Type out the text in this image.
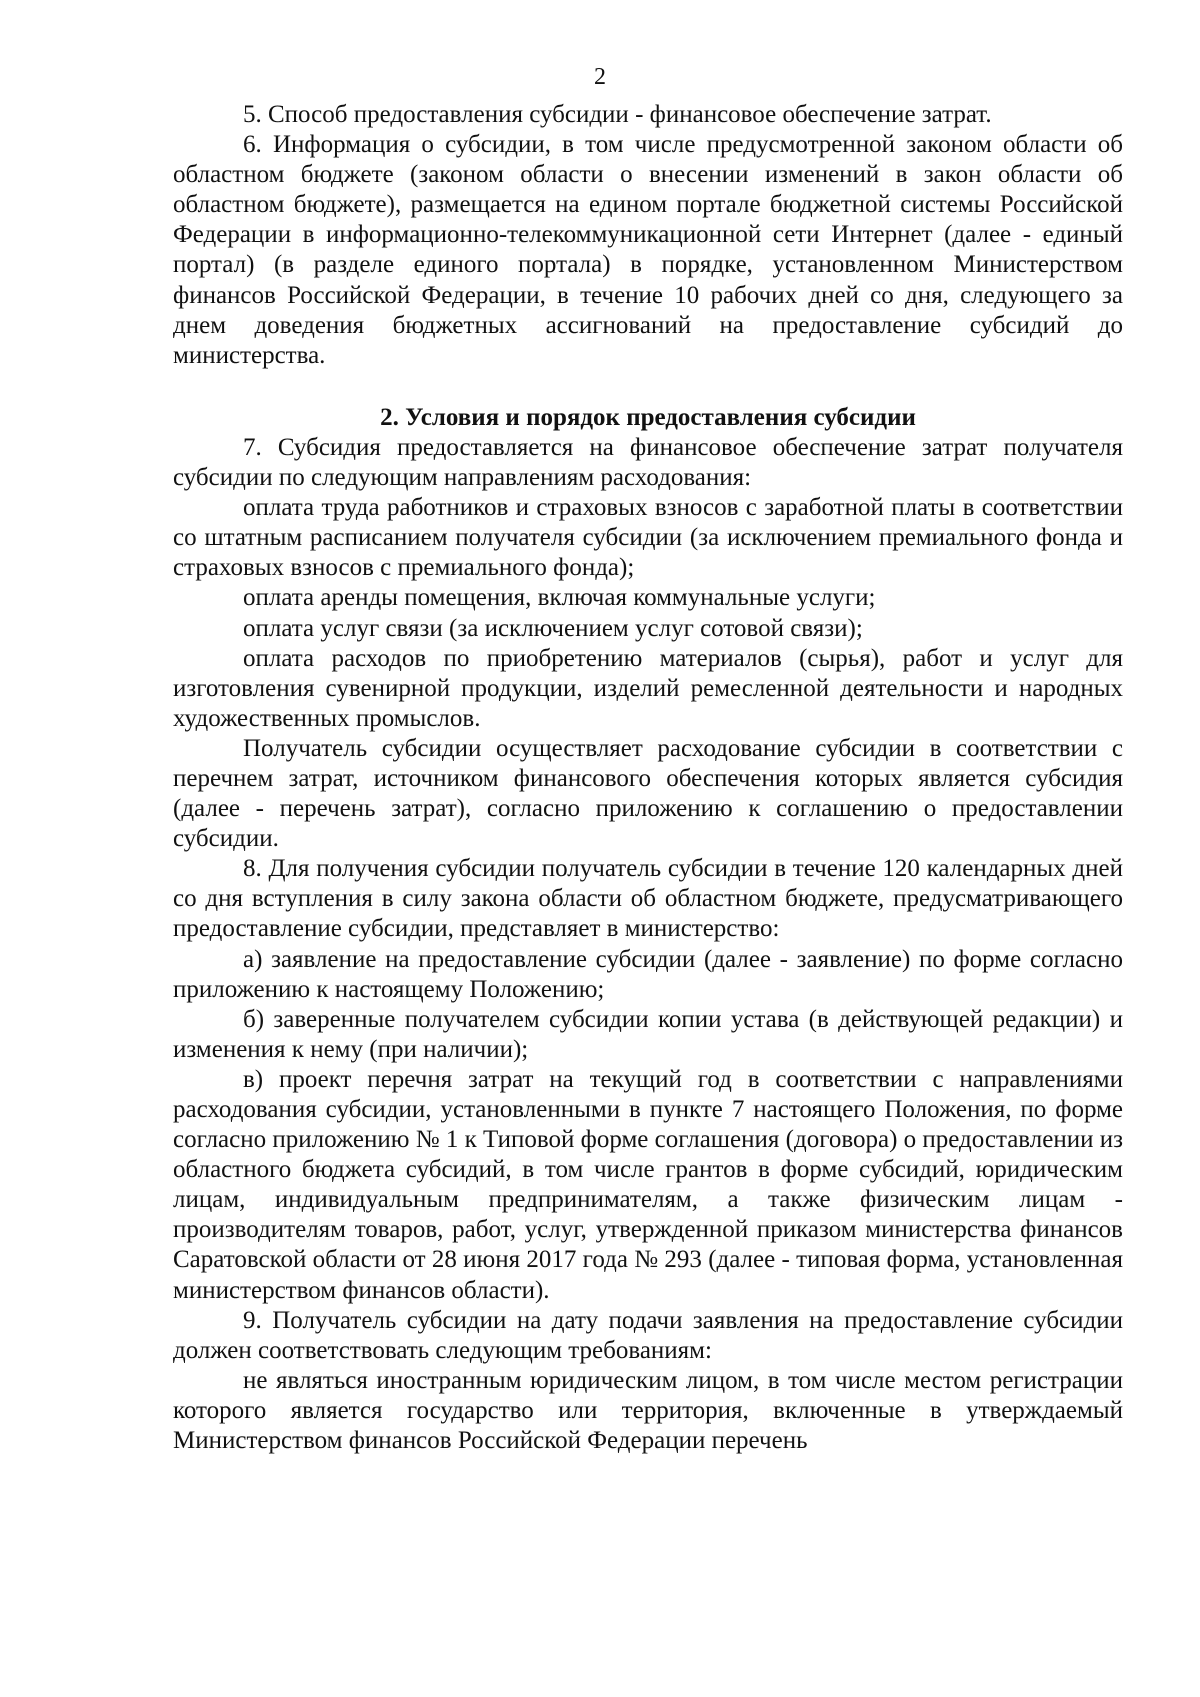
2

5. Способ предоставления субсидии - финансовое обеспечение затрат.

6. Информация о субсидии, в том числе предусмотренной законом области об областном бюджете (законом области о внесении изменений в закон области об областном бюджете), размещается на едином портале бюджетной системы Российской Федерации в информационно-телекоммуникационной сети Интернет (далее - единый портал) (в разделе единого портала) в порядке, установленном Министерством финансов Российской Федерации, в течение 10 рабочих дней со дня, следующего за днем доведения бюджетных ассигнований на предоставление субсидий до министерства.

2. Условия и порядок предоставления субсидии

7. Субсидия предоставляется на финансовое обеспечение затрат получателя субсидии по следующим направлениям расходования:

оплата труда работников и страховых взносов с заработной платы в соответствии со штатным расписанием получателя субсидии (за исключением премиального фонда и страховых взносов с премиального фонда);

оплата аренды помещения, включая коммунальные услуги;

оплата услуг связи (за исключением услуг сотовой связи);

оплата расходов по приобретению материалов (сырья), работ и услуг для изготовления сувенирной продукции, изделий ремесленной деятельности и народных художественных промыслов.

Получатель субсидии осуществляет расходование субсидии в соответствии с перечнем затрат, источником финансового обеспечения которых является субсидия (далее - перечень затрат), согласно приложению к соглашению о предоставлении субсидии.

8. Для получения субсидии получатель субсидии в течение 120 календарных дней со дня вступления в силу закона области об областном бюджете, предусматривающего предоставление субсидии, представляет в министерство:

а) заявление на предоставление субсидии (далее - заявление) по форме согласно приложению к настоящему Положению;

б) заверенные получателем субсидии копии устава (в действующей редакции) и изменения к нему (при наличии);

в) проект перечня затрат на текущий год в соответствии с направлениями расходования субсидии, установленными в пункте 7 настоящего Положения, по форме согласно приложению № 1 к Типовой форме соглашения (договора) о предоставлении из областного бюджета субсидий, в том числе грантов в форме субсидий, юридическим лицам, индивидуальным предпринимателям, а также физическим лицам - производителям товаров, работ, услуг, утвержденной приказом министерства финансов Саратовской области от 28 июня 2017 года № 293 (далее - типовая форма, установленная министерством финансов области).

9. Получатель субсидии на дату подачи заявления на предоставление субсидии должен соответствовать следующим требованиям:

не являться иностранным юридическим лицом, в том числе местом регистрации которого является государство или территория, включенные в утверждаемый Министерством финансов Российской Федерации перечень
